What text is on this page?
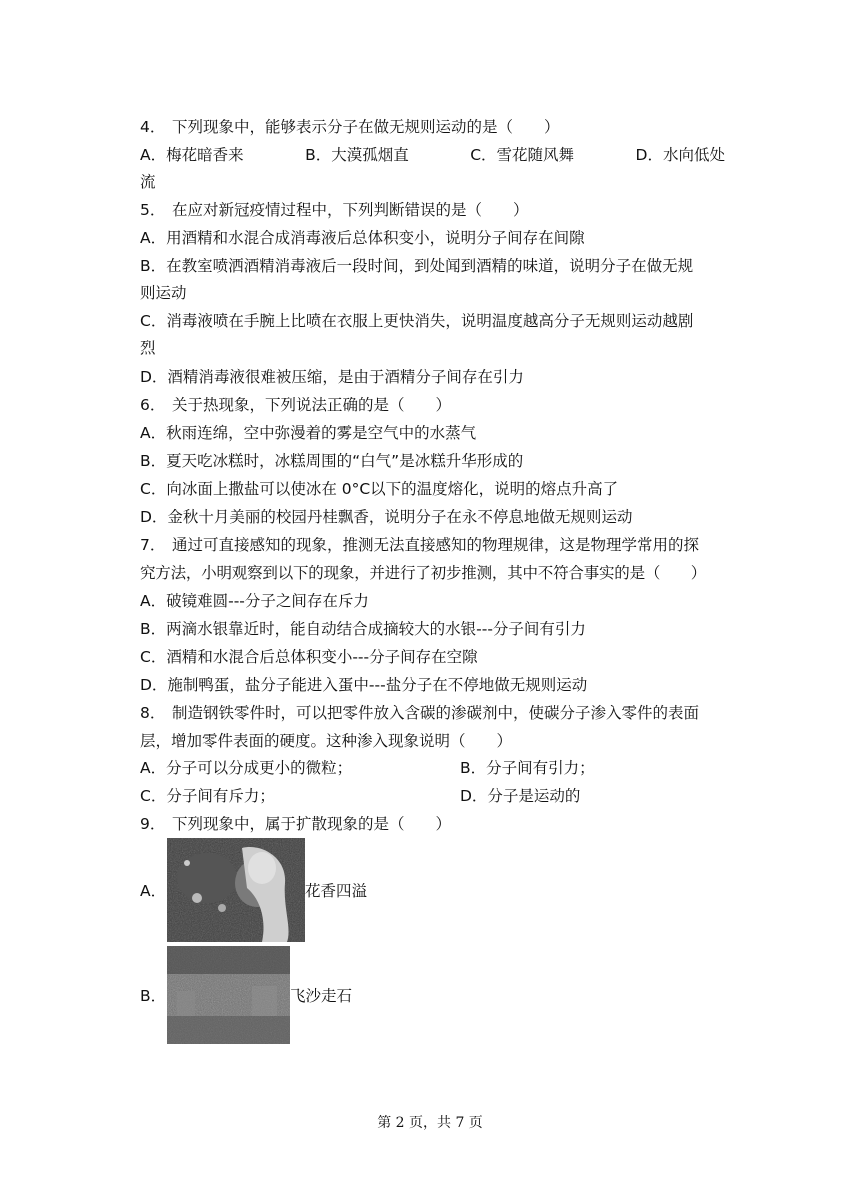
4． 下列现象中，能够表示分子在做无规则运动的是（　　）
A．梅花暗香来	B．大漠孤烟直	C．雪花随风舞	D．水向低处
流
5． 在应对新冠疫情过程中，下列判断错误的是（　　）
A．用酒精和水混合成消毒液后总体积变小，说明分子间存在间隙
B．在教室喷洒酒精消毒液后一段时间，到处闻到酒精的味道，说明分子在做无规
则运动
C．消毒液喷在手腕上比喷在衣服上更快消失，说明温度越高分子无规则运动越剧
烈
D．酒精消毒液很难被压缩，是由于酒精分子间存在引力
6． 关于热现象，下列说法正确的是（　　）
A．秋雨连绵，空中弥漫着的雾是空气中的水蒸气
B．夏天吃冰糕时，冰糕周围的“白气”是冰糕升华形成的
C．向冰面上撒盐可以使冰在 0°C以下的温度熔化，说明的熔点升高了
D．金秋十月美丽的校园丹桂飘香，说明分子在永不停息地做无规则运动
7． 通过可直接感知的现象，推测无法直接感知的物理规律，这是物理学常用的探
究方法，小明观察到以下的现象，并进行了初步推测，其中不符合事实的是（　　）
A．破镜难圆---分子之间存在斥力
B．两滴水银靠近时，能自动结合成摘较大的水银---分子间有引力
C．酒精和水混合后总体积变小---分子间存在空隙
D．施制鸭蛋，盐分子能进入蛋中---盐分子在不停地做无规则运动
8． 制造钢铁零件时，可以把零件放入含碳的渗碳剂中，使碳分子渗入零件的表面
层，增加零件表面的硬度。这种渗入现象说明（　　）
A．分子可以分成更小的微粒；	B．分子间有引力；
C．分子间有斥力；	D．分子是运动的
9． 下列现象中，属于扩散现象的是（　　）
A．	花香四溢
B．	飞沙走石
第 2 页，共 7 页
